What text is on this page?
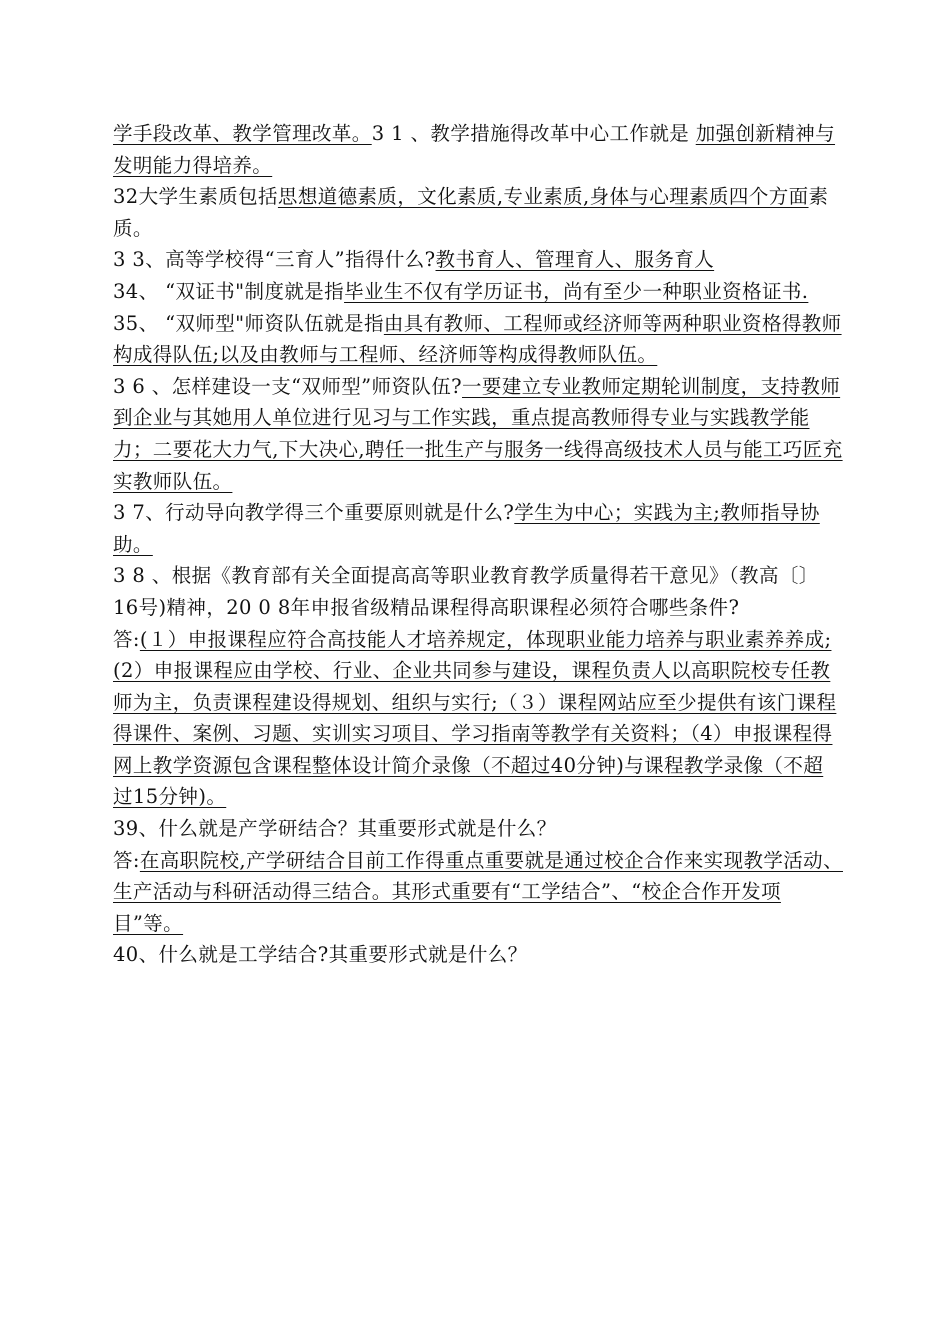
学手段改革、教学管理改革。3 1 、教学措施得改革中心工作就是 加强创新精神与发明能力得培养。

32大学生素质包括思想道德素质，文化素质,专业素质,身体与心理素质四个方面素质。

3 3、高等学校得“三育人”指得什么?教书育人、管理育人、服务育人

34、 “双证书"制度就是指毕业生不仅有学历证书，尚有至少一种职业资格证书.

35、 “双师型"师资队伍就是指由具有教师、工程师或经济师等两种职业资格得教师构成得队伍;以及由教师与工程师、经济师等构成得教师队伍。

3 6 、怎样建设一支“双师型”师资队伍?一要建立专业教师定期轮训制度，支持教师到企业与其她用人单位进行见习与工作实践，重点提高教师得专业与实践教学能力；二要花大力气,下大决心,聘任一批生产与服务一线得高级技术人员与能工巧匠充实教师队伍。

3 7、行动导向教学得三个重要原则就是什么?学生为中心；实践为主;教师指导协助。

3 8 、根据《教育部有关全面提高高等职业教育教学质量得若干意见》（教高〔〕16号)精神，20 0 8年申报省级精品课程得高职课程必须符合哪些条件?

答:(１）申报课程应符合高技能人才培养规定，体现职业能力培养与职业素养养成;(2）申报课程应由学校、行业、企业共同参与建设，课程负责人以高职院校专任教师为主，负责课程建设得规划、组织与实行;（３）课程网站应至少提供有该门课程得课件、案例、习题、实训实习项目、学习指南等教学有关资料；（4）申报课程得网上教学资源包含课程整体设计简介录像（不超过40分钟)与课程教学录像（不超过15分钟)。

39、什么就是产学研结合？其重要形式就是什么？

答:在高职院校,产学研结合目前工作得重点重要就是通过校企合作来实现教学活动、生产活动与科研活动得三结合。其形式重要有“工学结合”、“校企合作开发项目”等。

40、什么就是工学结合?其重要形式就是什么？
